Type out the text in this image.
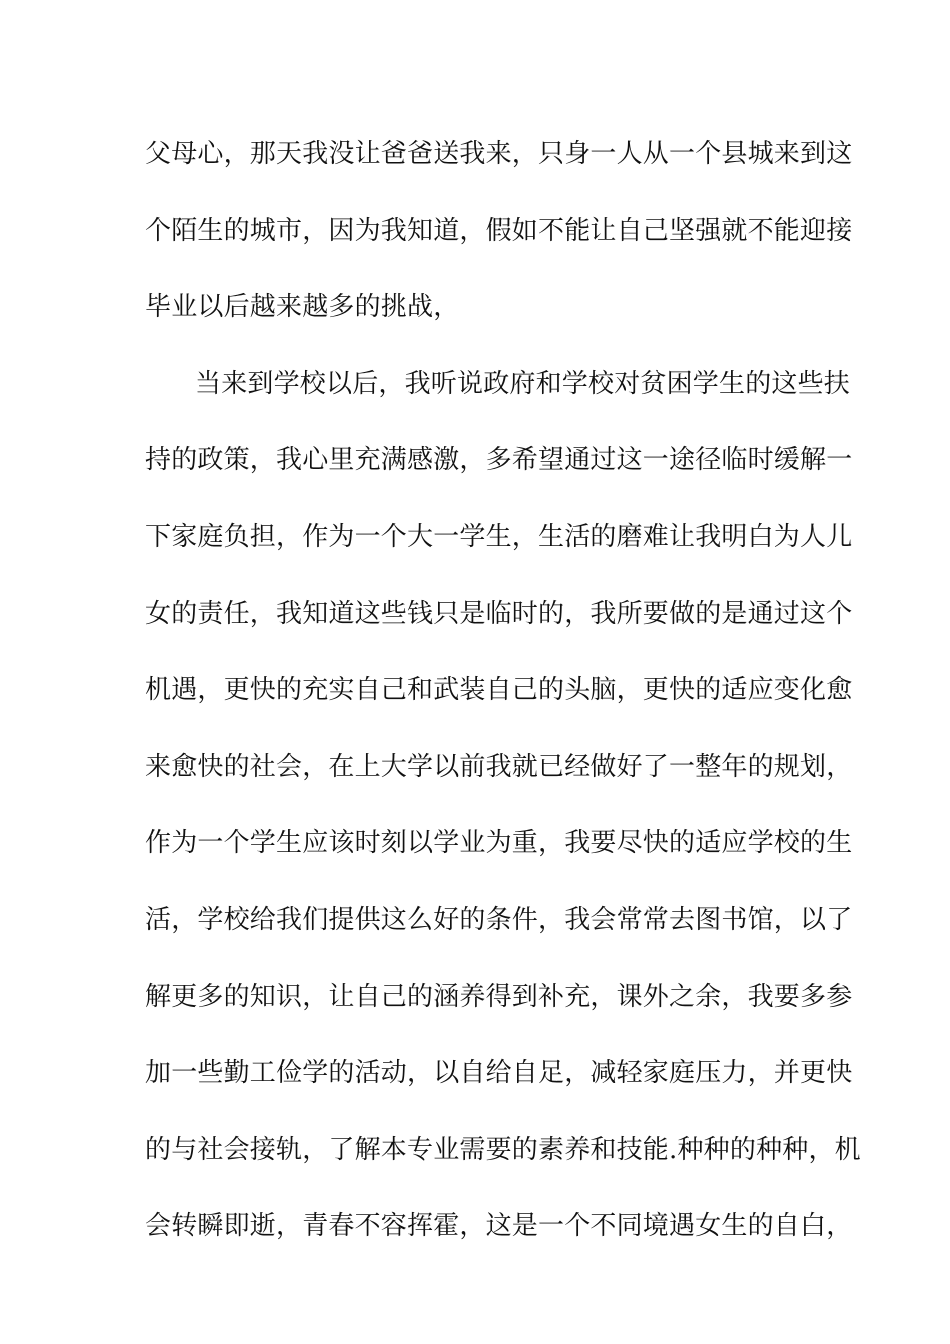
父母心，那天我没让爸爸送我来，只身一人从一个县城来到这
个陌生的城市，因为我知道，假如不能让自己坚强就不能迎接
毕业以后越来越多的挑战，
当来到学校以后，我听说政府和学校对贫困学生的这些扶
持的政策，我心里充满感激，多希望通过这一途径临时缓解一
下家庭负担，作为一个大一学生，生活的磨难让我明白为人儿
女的责任，我知道这些钱只是临时的，我所要做的是通过这个
机遇，更快的充实自己和武装自己的头脑，更快的适应变化愈
来愈快的社会，在上大学以前我就已经做好了一整年的规划，
作为一个学生应该时刻以学业为重，我要尽快的适应学校的生
活，学校给我们提供这么好的条件，我会常常去图书馆，以了
解更多的知识，让自己的涵养得到补充，课外之余，我要多参
加一些勤工俭学的活动，以自给自足，减轻家庭压力，并更快
的与社会接轨，了解本专业需要的素养和技能.种种的种种，机
会转瞬即逝，青春不容挥霍，这是一个不同境遇女生的自白，
